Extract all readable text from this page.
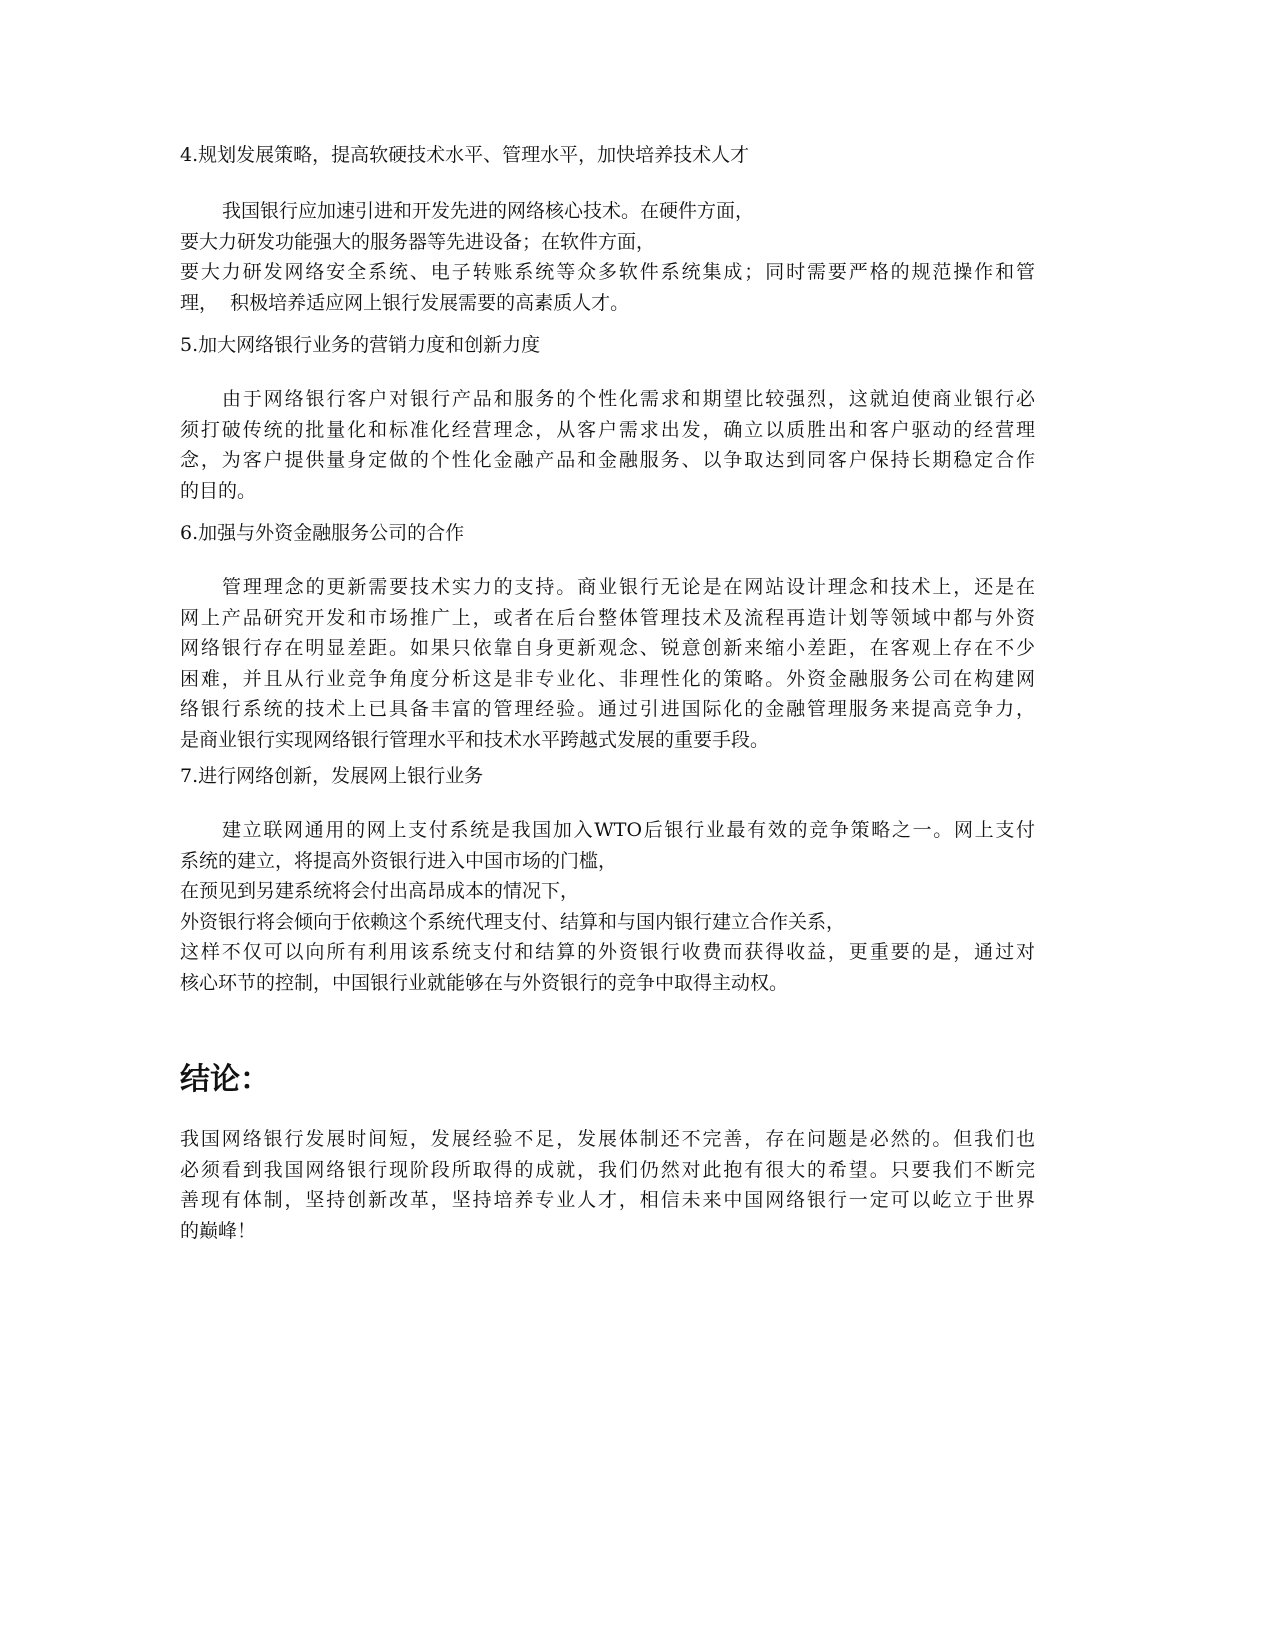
4.规划发展策略，提高软硬技术水平、管理水平，加快培养技术人才
我国银行应加速引进和开发先进的网络核心技术。在硬件方面，
要大力研发功能强大的服务器等先进设备；在软件方面，
要大力研发网络安全系统、电子转账系统等众多软件系统集成；同时需要严格的规范操作和管
理，  积极培养适应网上银行发展需要的高素质人才。
5.加大网络银行业务的营销力度和创新力度
由于网络银行客户对银行产品和服务的个性化需求和期望比较强烈，这就迫使商业银行必
须打破传统的批量化和标准化经营理念，从客户需求出发，确立以质胜出和客户驱动的经营理
念，为客户提供量身定做的个性化金融产品和金融服务、以争取达到同客户保持长期稳定合作
的目的。
6.加强与外资金融服务公司的合作
管理理念的更新需要技术实力的支持。商业银行无论是在网站设计理念和技术上，还是在
网上产品研究开发和市场推广上，或者在后台整体管理技术及流程再造计划等领域中都与外资
网络银行存在明显差距。如果只依靠自身更新观念、锐意创新来缩小差距，在客观上存在不少
困难，并且从行业竞争角度分析这是非专业化、非理性化的策略。外资金融服务公司在构建网
络银行系统的技术上已具备丰富的管理经验。通过引进国际化的金融管理服务来提高竞争力，
是商业银行实现网络银行管理水平和技术水平跨越式发展的重要手段。
7.进行网络创新，发展网上银行业务
建立联网通用的网上支付系统是我国加入WTO后银行业最有效的竞争策略之一。网上支付
系统的建立，将提高外资银行进入中国市场的门槛，
在预见到另建系统将会付出高昂成本的情况下，
外资银行将会倾向于依赖这个系统代理支付、结算和与国内银行建立合作关系，
这样不仅可以向所有利用该系统支付和结算的外资银行收费而获得收益，更重要的是，通过对
核心环节的控制，中国银行业就能够在与外资银行的竞争中取得主动权。
结论：
我国网络银行发展时间短，发展经验不足，发展体制还不完善，存在问题是必然的。但我们也
必须看到我国网络银行现阶段所取得的成就，我们仍然对此抱有很大的希望。只要我们不断完
善现有体制，坚持创新改革，坚持培养专业人才，相信未来中国网络银行一定可以屹立于世界
的巅峰！
